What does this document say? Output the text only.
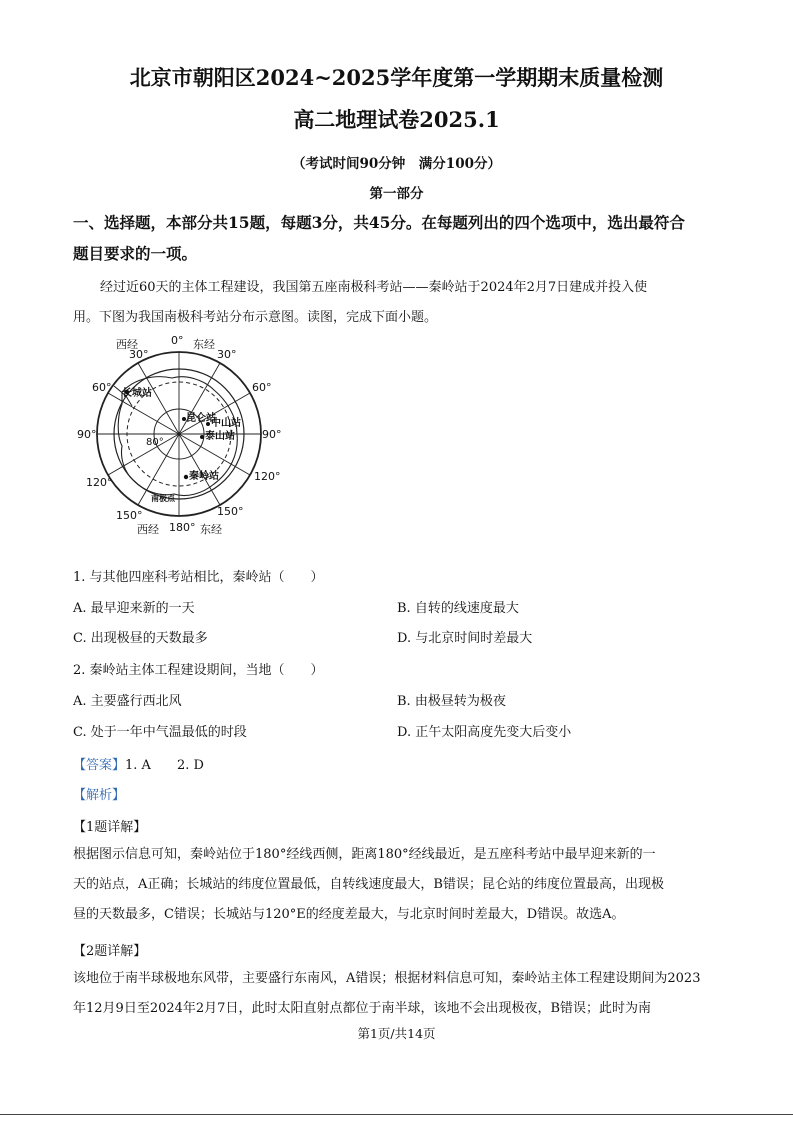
北京市朝阳区2024~2025学年度第一学期期末质量检测
高二地理试卷2025.1
（考试时间90分钟　满分100分）
第一部分
一、选择题，本部分共15题，每题3分，共45分。在每题列出的四个选项中，选出最符合
题目要求的一项。
经过近60天的主体工程建设，我国第五座南极科考站——秦岭站于2024年2月7日建成并投入使
用。下图为我国南极科考站分布示意图。读图，完成下面小题。
西经	0° 东经
30°	30°
60°	60°
90°	90°
120°	120°
150°	150°
西经 180° 东经
80°
长城站
昆仑站
中山站
泰山站
秦岭站
南极点
1. 与其他四座科考站相比，秦岭站（　　）
A. 最早迎来新的一天	B. 自转的线速度最大
C. 出现极昼的天数最多	D. 与北京时间时差最大
2. 秦岭站主体工程建设期间，当地（　　）
A. 主要盛行西北风	B. 由极昼转为极夜
C. 处于一年中气温最低的时段	D. 正午太阳高度先变大后变小
【答案】1. A　　2. D
【解析】
【1题详解】
根据图示信息可知，秦岭站位于180°经线西侧，距离180°经线最近，是五座科考站中最早迎来新的一
天的站点，A正确；长城站的纬度位置最低，自转线速度最大，B错误；昆仑站的纬度位置最高，出现极
昼的天数最多，C错误；长城站与120°E的经度差最大，与北京时间时差最大，D错误。故选A。
【2题详解】
该地位于南半球极地东风带，主要盛行东南风，A错误；根据材料信息可知，秦岭站主体工程建设期间为2023
年12月9日至2024年2月7日，此时太阳直射点都位于南半球，该地不会出现极夜，B错误；此时为南
第1页/共14页
